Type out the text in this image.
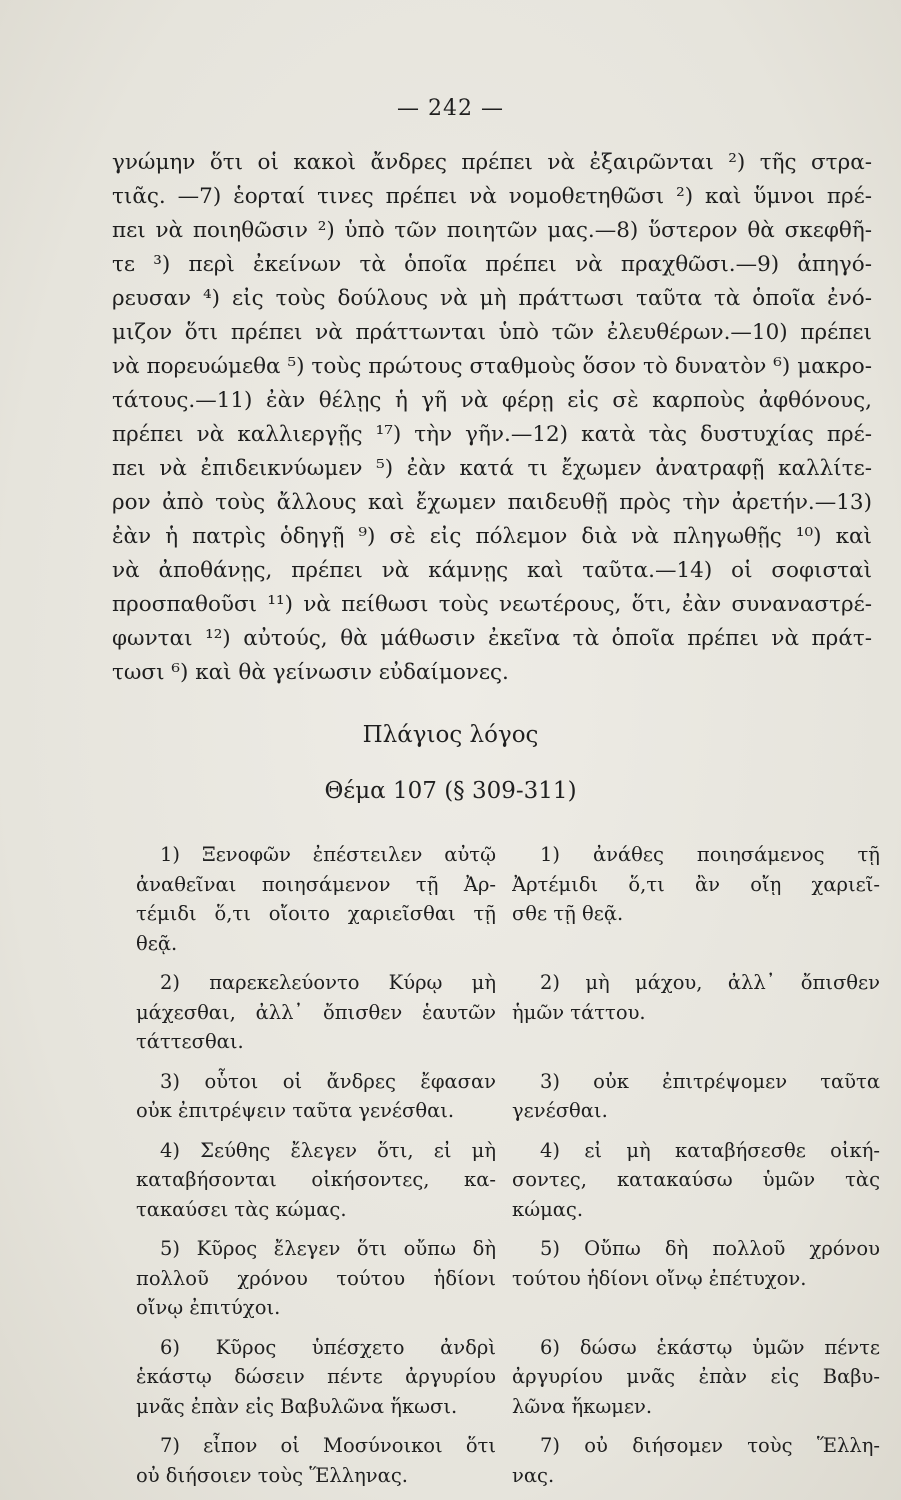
— 242 —
γνώμην ὅτι οἱ κακοὶ ἄνδρες πρέπει νὰ ἐξαιρῶνται ²) τῆς στρα-
τιᾶς. —7) ἑορταί τινες πρέπει νὰ νομοθετηθῶσι ²) καὶ ὕμνοι πρέ-
πει νὰ ποιηθῶσιν ²) ὑπὸ τῶν ποιητῶν μας.—8) ὕστερον θὰ σκεφθῆ-
τε ³) περὶ ἐκείνων τὰ ὁποῖα πρέπει νὰ πραχθῶσι.—9) ἀπηγό-
ρευσαν ⁴) εἰς τοὺς δούλους νὰ μὴ πράττωσι ταῦτα τὰ ὁποῖα ἐνό-
μιζον ὅτι πρέπει νὰ πράττωνται ὑπὸ τῶν ἐλευθέρων.—10) πρέπει
νὰ πορευώμεθα ⁵) τοὺς πρώτους σταθμοὺς ὅσον τὸ δυνατὸν ⁶) μακρο-
τάτους.—11) ἐὰν θέλῃς ἡ γῆ νὰ φέρῃ εἰς σὲ καρποὺς ἀφθόνους,
πρέπει νὰ καλλιεργῇς ¹⁷) τὴν γῆν.—12) κατὰ τὰς δυστυχίας πρέ-
πει νὰ ἐπιδεικνύωμεν ⁵) ἐὰν κατά τι ἔχωμεν ἀνατραφῇ καλλίτε-
ρον ἀπὸ τοὺς ἄλλους καὶ ἔχωμεν παιδευθῇ πρὸς τὴν ἀρετήν.—13)
ἐὰν ἡ πατρὶς ὁδηγῇ ⁹) σὲ εἰς πόλεμον διὰ νὰ πληγωθῇς ¹⁰) καὶ
νὰ ἀποθάνῃς, πρέπει νὰ κάμνῃς καὶ ταῦτα.—14) οἱ σοφισταὶ
προσπαθοῦσι ¹¹) νὰ πείθωσι τοὺς νεωτέρους, ὅτι, ἐὰν συναναστρέ-
φωνται ¹²) αὐτούς, θὰ μάθωσιν ἐκεῖνα τὰ ὁποῖα πρέπει νὰ πράτ-
τωσι ⁶) καὶ θὰ γείνωσιν εὐδαίμονες.
Πλάγιος λόγος
Θέμα 107 (§ 309-311)
1) Ξενοφῶν ἐπέστειλεν αὐτῷ
ἀναθεῖναι ποιησάμενον τῇ Ἀρ-
τέμιδι ὅ,τι οἴοιτο χαριεῖσθαι τῇ
θεᾷ.
2) παρεκελεύοντο Κύρῳ μὴ
μάχεσθαι, ἀλλ᾽ ὄπισθεν ἑαυτῶν
τάττεσθαι.
3) οὗτοι οἱ ἄνδρες ἔφασαν
οὐκ ἐπιτρέψειν ταῦτα γενέσθαι.
4) Σεύθης ἔλεγεν ὅτι, εἰ μὴ
καταβήσονται οἰκήσοντες, κα-
τακαύσει τὰς κώμας.
5) Κῦρος ἔλεγεν ὅτι οὔπω δὴ
πολλοῦ χρόνου τούτου ἡδίονι
οἴνῳ ἐπιτύχοι.
6) Κῦρος ὑπέσχετο ἀνδρὶ
ἑκάστῳ δώσειν πέντε ἀργυρίου
μνᾶς ἐπὰν εἰς Βαβυλῶνα ἥκωσι.
7) εἶπον οἱ Μοσύνοικοι ὅτι
οὐ διήσοιεν τοὺς Ἕλληνας.
1) ἀνάθες ποιησάμενος τῇ
Ἀρτέμιδι ὅ,τι ἂν οἴῃ χαριεῖ-
σθε τῇ θεᾷ.
2) μὴ μάχου, ἀλλ᾽ ὄπισθεν
ἡμῶν τάττου.
3) οὐκ ἐπιτρέψομεν ταῦτα
γενέσθαι.
4) εἰ μὴ καταβήσεσθε οἰκή-
σοντες, κατακαύσω ὑμῶν τὰς
κώμας.
5) Οὔπω δὴ πολλοῦ χρόνου
τούτου ἡδίονι οἴνῳ ἐπέτυχον.
6) δώσω ἑκάστῳ ὑμῶν πέντε
ἀργυρίου μνᾶς ἐπὰν εἰς Βαβυ-
λῶνα ἥκωμεν.
7) οὐ διήσομεν τοὺς Ἕλλη-
νας.
